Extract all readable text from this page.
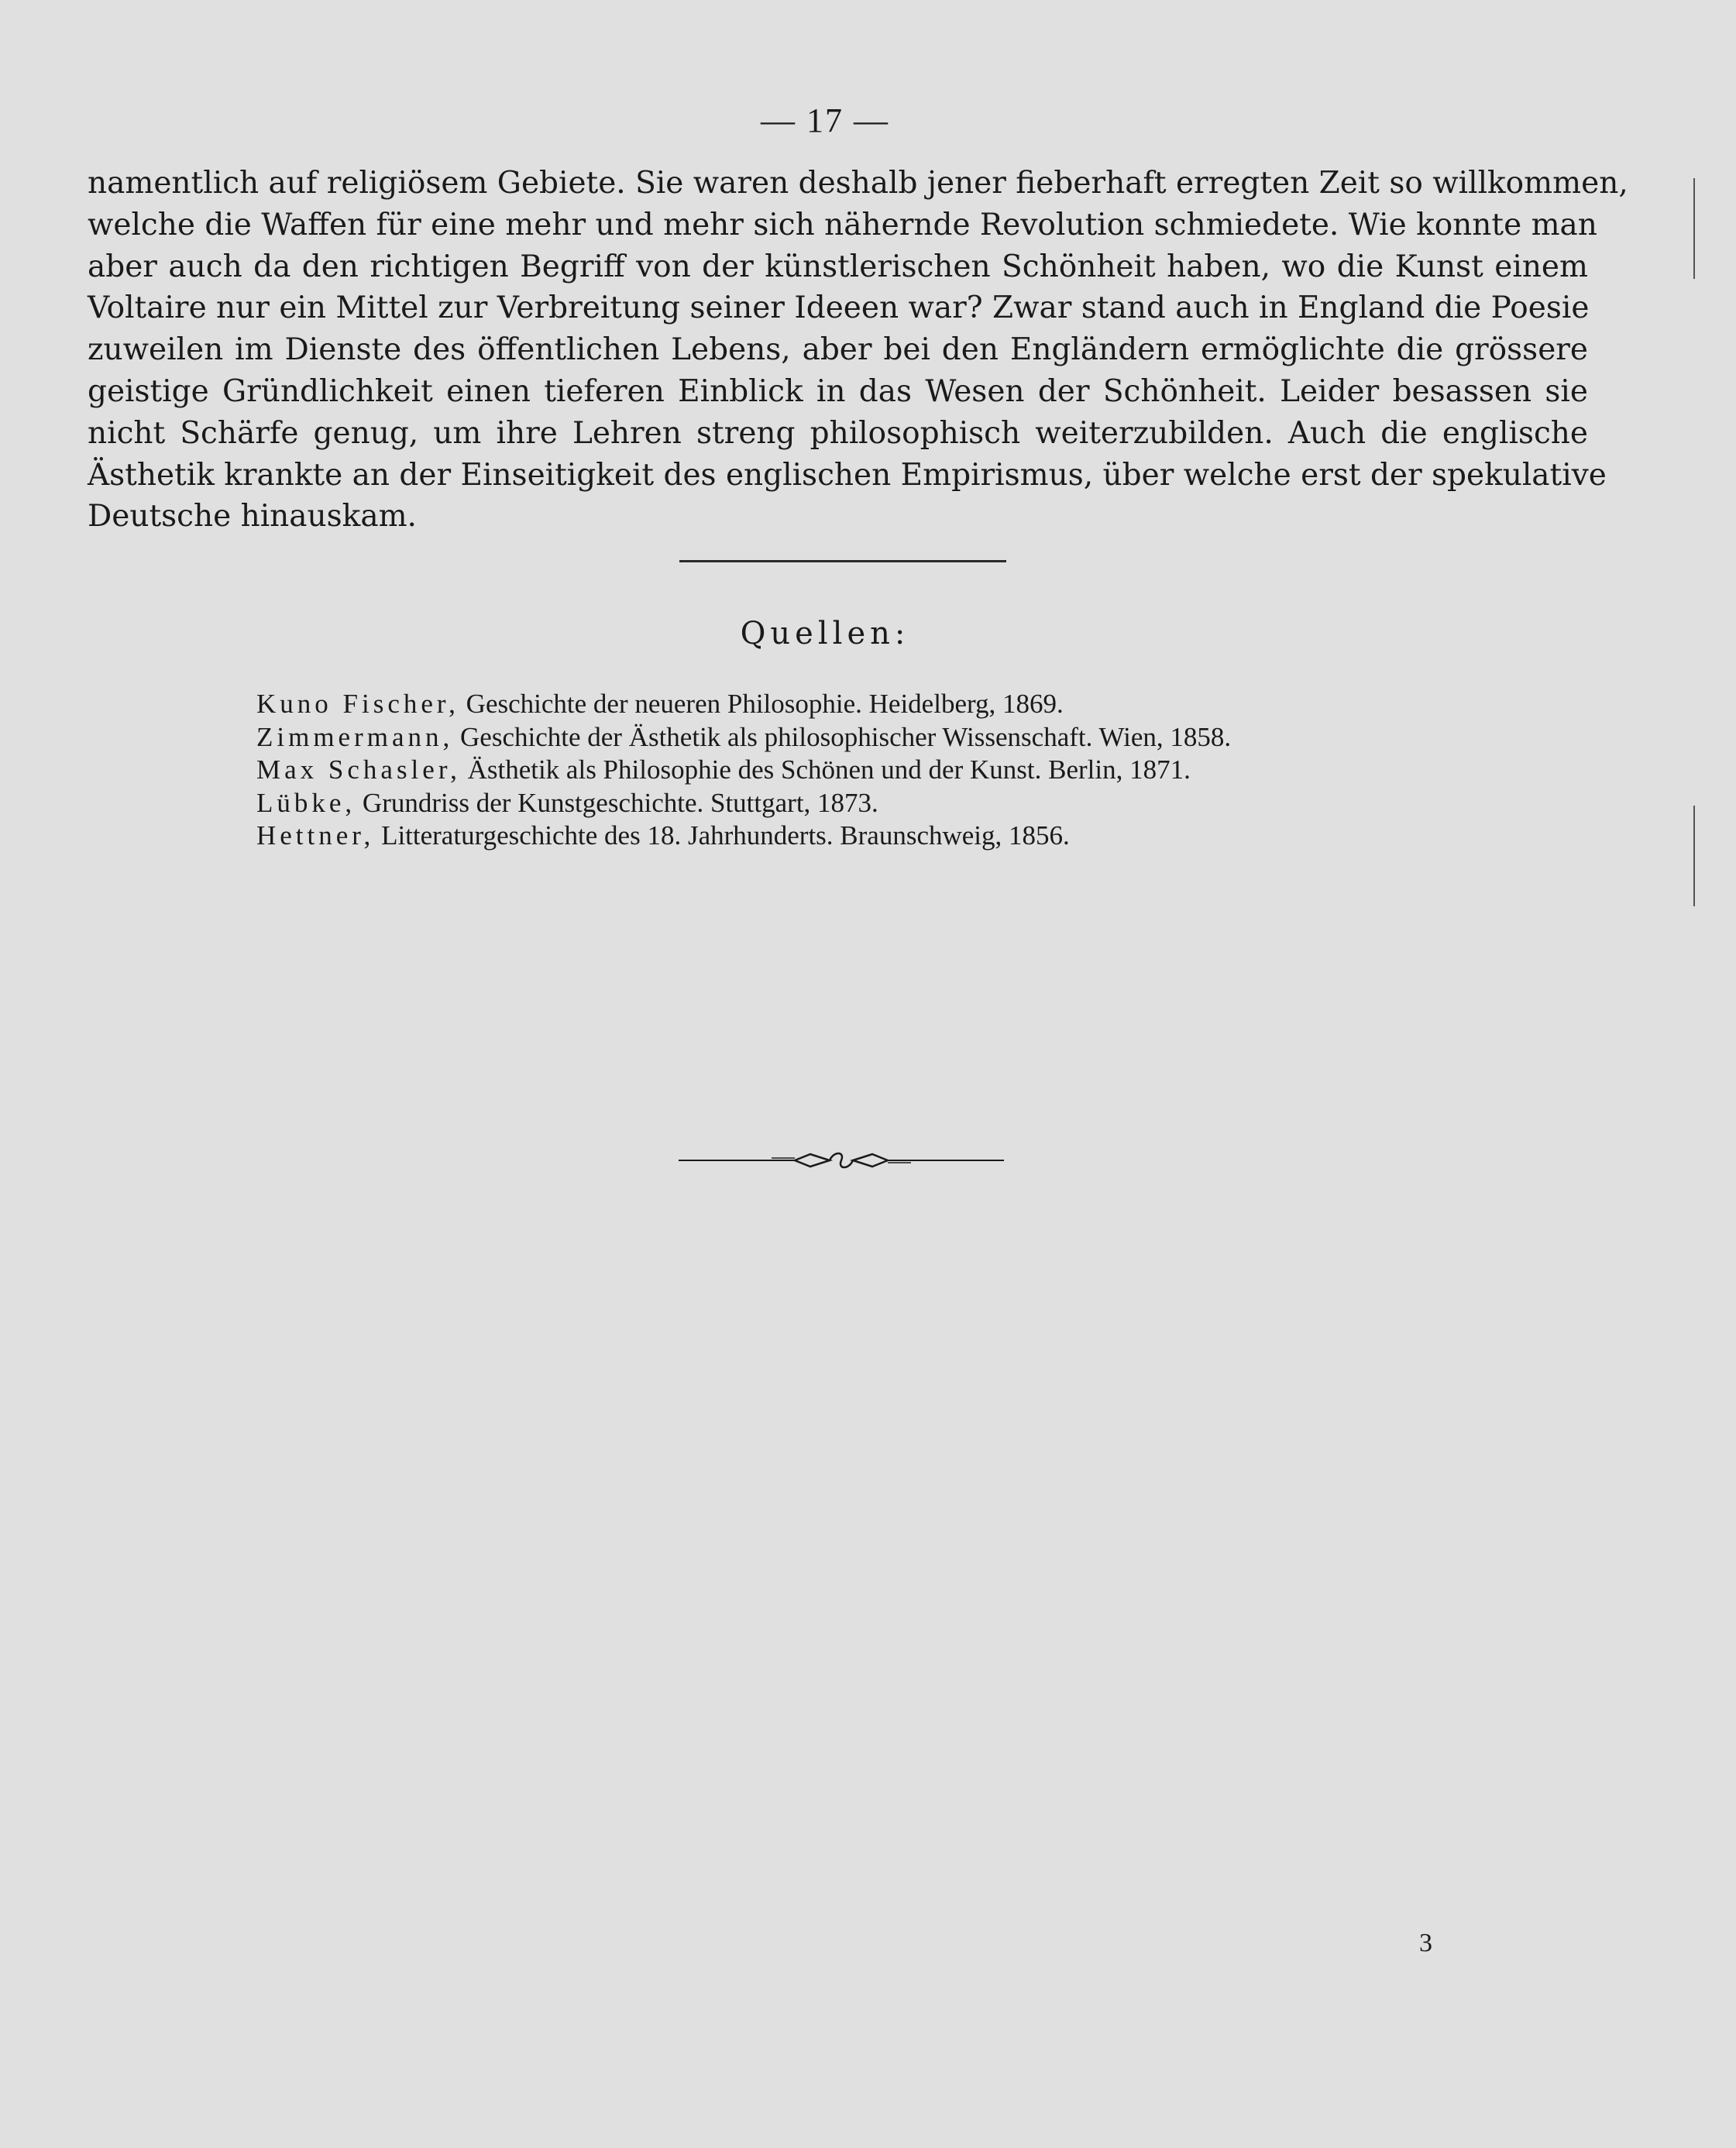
— 17 —
namentlich auf religiösem Gebiete. Sie waren deshalb jener fieberhaft erregten Zeit so willkommen,
welche die Waffen für eine mehr und mehr sich nähernde Revolution schmiedete. Wie konnte man
aber auch da den richtigen Begriff von der künstlerischen Schönheit haben, wo die Kunst einem
Voltaire nur ein Mittel zur Verbreitung seiner Ideeen war? Zwar stand auch in England die Poesie
zuweilen im Dienste des öffentlichen Lebens, aber bei den Engländern ermöglichte die grössere
geistige Gründlichkeit einen tieferen Einblick in das Wesen der Schönheit. Leider besassen sie
nicht Schärfe genug, um ihre Lehren streng philosophisch weiterzubilden. Auch die englische
Ästhetik krankte an der Einseitigkeit des englischen Empirismus, über welche erst der spekulative
Deutsche hinauskam.
Quellen:
Kuno Fischer, Geschichte der neueren Philosophie. Heidelberg, 1869.
Zimmermann, Geschichte der Ästhetik als philosophischer Wissenschaft. Wien, 1858.
Max Schasler, Ästhetik als Philosophie des Schönen und der Kunst. Berlin, 1871.
Lübke, Grundriss der Kunstgeschichte. Stuttgart, 1873.
Hettner, Litteraturgeschichte des 18. Jahrhunderts. Braunschweig, 1856.
3
